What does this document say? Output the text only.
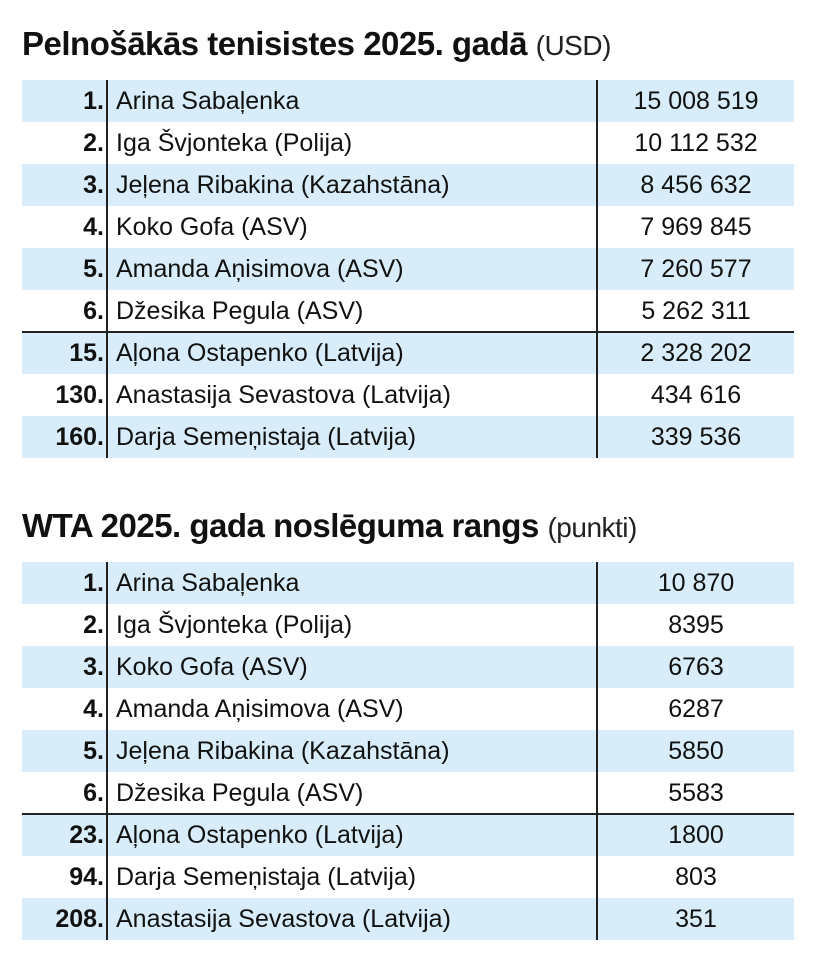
Pelnošākās tenisistes 2025. gadā (USD)
1. Arina Sabaļenka	15 008 519
2. Iga Švjonteka (Polija)	10 112 532
3. Jeļena Ribakina (Kazahstāna)	8 456 632
4. Koko Gofa (ASV)	7 969 845
5. Amanda Aņisimova (ASV)	7 260 577
6. Džesika Pegula (ASV)	5 262 311
15. Aļona Ostapenko (Latvija)	2 328 202
130. Anastasija Sevastova (Latvija)	434 616
160. Darja Semeņistaja (Latvija)	339 536
WTA 2025. gada noslēguma rangs (punkti)
1. Arina Sabaļenka	10 870
2. Iga Švjonteka (Polija)	8395
3. Koko Gofa (ASV)	6763
4. Amanda Aņisimova (ASV)	6287
5. Jeļena Ribakina (Kazahstāna)	5850
6. Džesika Pegula (ASV)	5583
23. Aļona Ostapenko (Latvija)	1800
94. Darja Semeņistaja (Latvija)	803
208. Anastasija Sevastova (Latvija)	351
